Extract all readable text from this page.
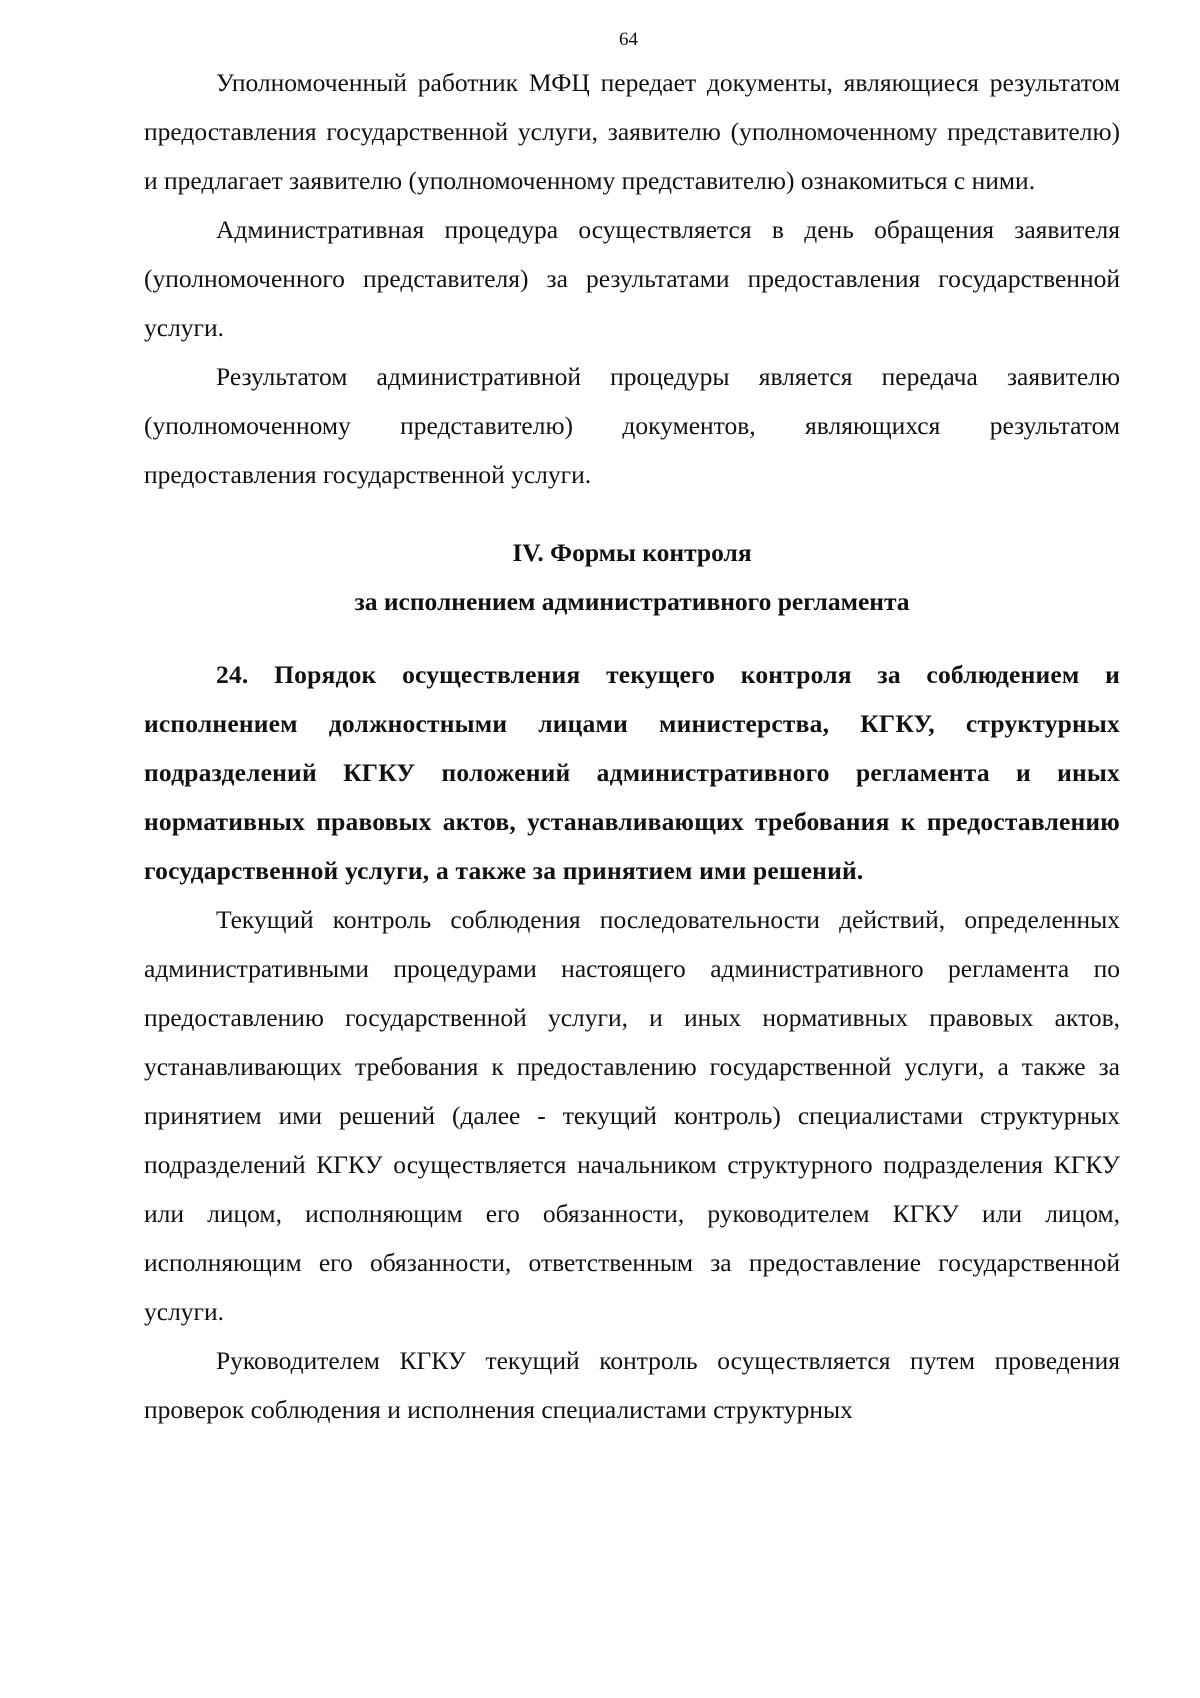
64

Уполномоченный работник МФЦ передает документы, являющиеся результатом предоставления государственной услуги, заявителю (уполномоченному представителю) и предлагает заявителю (уполномоченному представителю) ознакомиться с ними.

Административная процедура осуществляется в день обращения заявителя (уполномоченного представителя) за результатами предоставления государственной услуги.

Результатом административной процедуры является передача заявителю (уполномоченному представителю) документов, являющихся результатом предоставления государственной услуги.

IV. Формы контроля
за исполнением административного регламента

24. Порядок осуществления текущего контроля за соблюдением и исполнением должностными лицами министерства, КГКУ, структурных подразделений КГКУ положений административного регламента и иных нормативных правовых актов, устанавливающих требования к предоставлению государственной услуги, а также за принятием ими решений.

Текущий контроль соблюдения последовательности действий, определенных административными процедурами настоящего административного регламента по предоставлению государственной услуги, и иных нормативных правовых актов, устанавливающих требования к предоставлению государственной услуги, а также за принятием ими решений (далее - текущий контроль) специалистами структурных подразделений КГКУ осуществляется начальником структурного подразделения КГКУ или лицом, исполняющим его обязанности, руководителем КГКУ или лицом, исполняющим его обязанности, ответственным за предоставление государственной услуги.

Руководителем КГКУ текущий контроль осуществляется путем проведения проверок соблюдения и исполнения специалистами структурных
